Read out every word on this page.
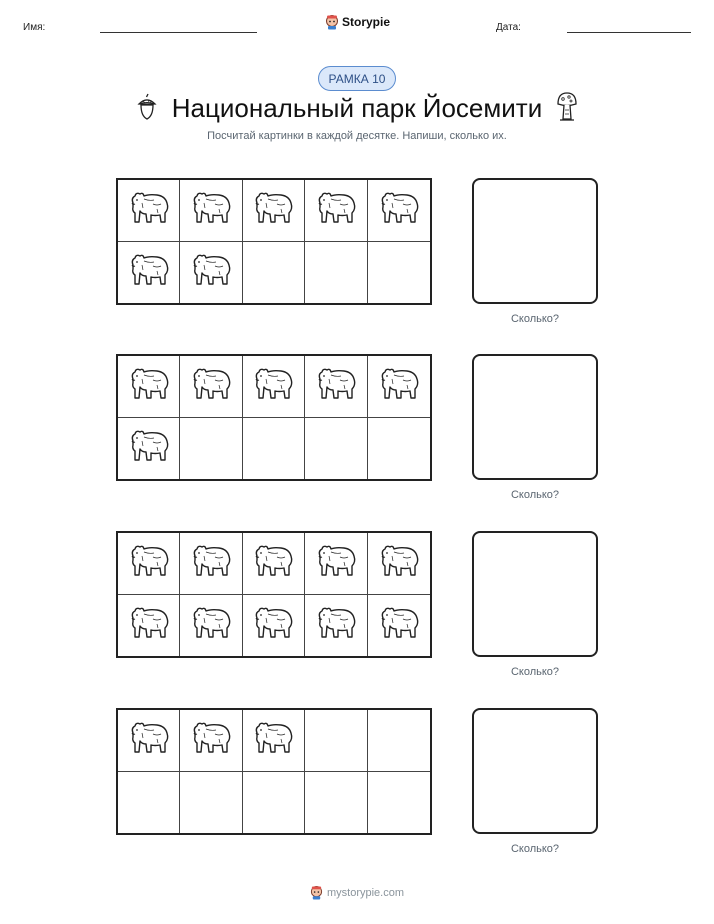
Имя:	Storypie	Дата:
РАМКА 10
Национальный парк Йосемити
Посчитай картинки в каждой десятке. Напиши, сколько их.
Сколько?
Сколько?
Сколько?
Сколько?
mystorypie.com
